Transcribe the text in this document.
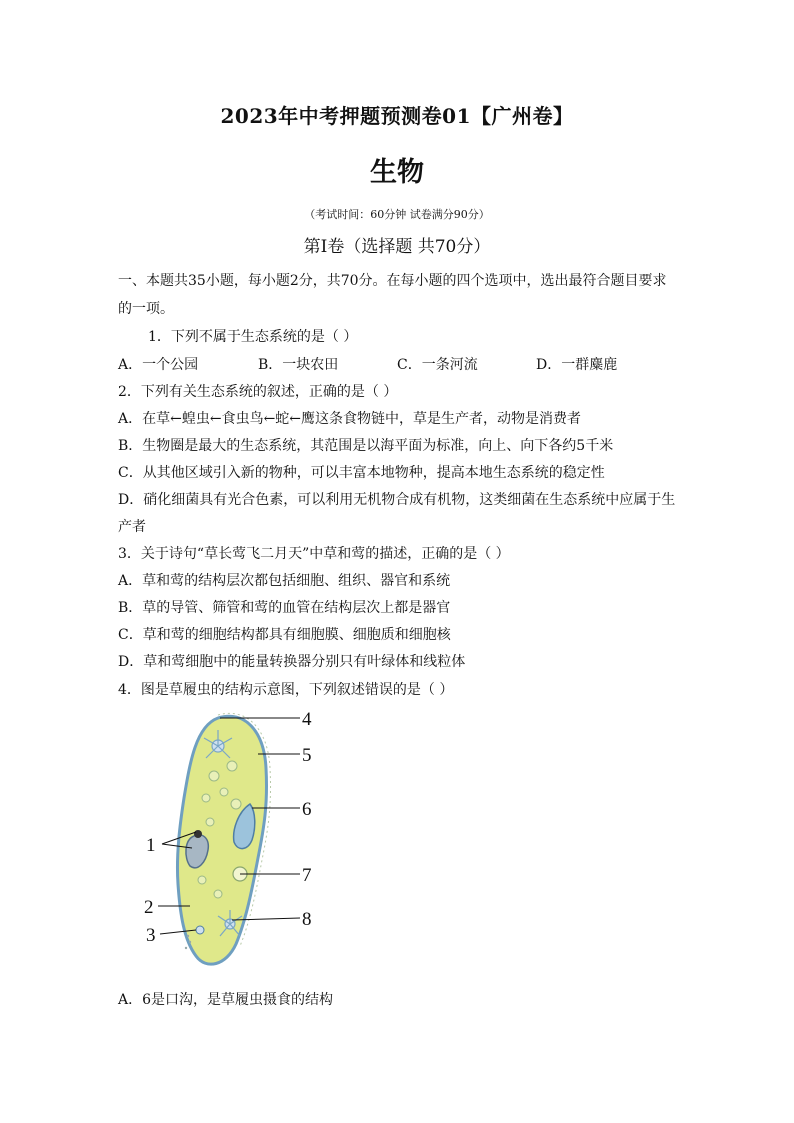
2023年中考押题预测卷01【广州卷】
生物
（考试时间：60分钟 试卷满分90分）
第Ⅰ卷（选择题 共70分）
一、本题共35小题，每小题2分，共70分。在每小题的四个选项中，选出最符合题目要求
的一项。
1．下列不属于生态系统的是（ ）
A．一个公园	B．一块农田	C．一条河流	D．一群麋鹿
2．下列有关生态系统的叙述，正确的是（ ）
A．在草←蝗虫←食虫鸟←蛇←鹰这条食物链中，草是生产者，动物是消费者
B．生物圈是最大的生态系统，其范围是以海平面为标准，向上、向下各约5千米
C．从其他区域引入新的物种，可以丰富本地物种，提高本地生态系统的稳定性
D．硝化细菌具有光合色素，可以利用无机物合成有机物，这类细菌在生态系统中应属于生
产者
3．关于诗句“草长莺飞二月天”中草和莺的描述，正确的是（ ）
A．草和莺的结构层次都包括细胞、组织、器官和系统
B．草的导管、筛管和莺的血管在结构层次上都是器官
C．草和莺的细胞结构都具有细胞膜、细胞质和细胞核
D．草和莺细胞中的能量转换器分别只有叶绿体和线粒体
4．图是草履虫的结构示意图，下列叙述错误的是（ ）
4
5
6
1
2
3
7
8
A．6是口沟，是草履虫摄食的结构
